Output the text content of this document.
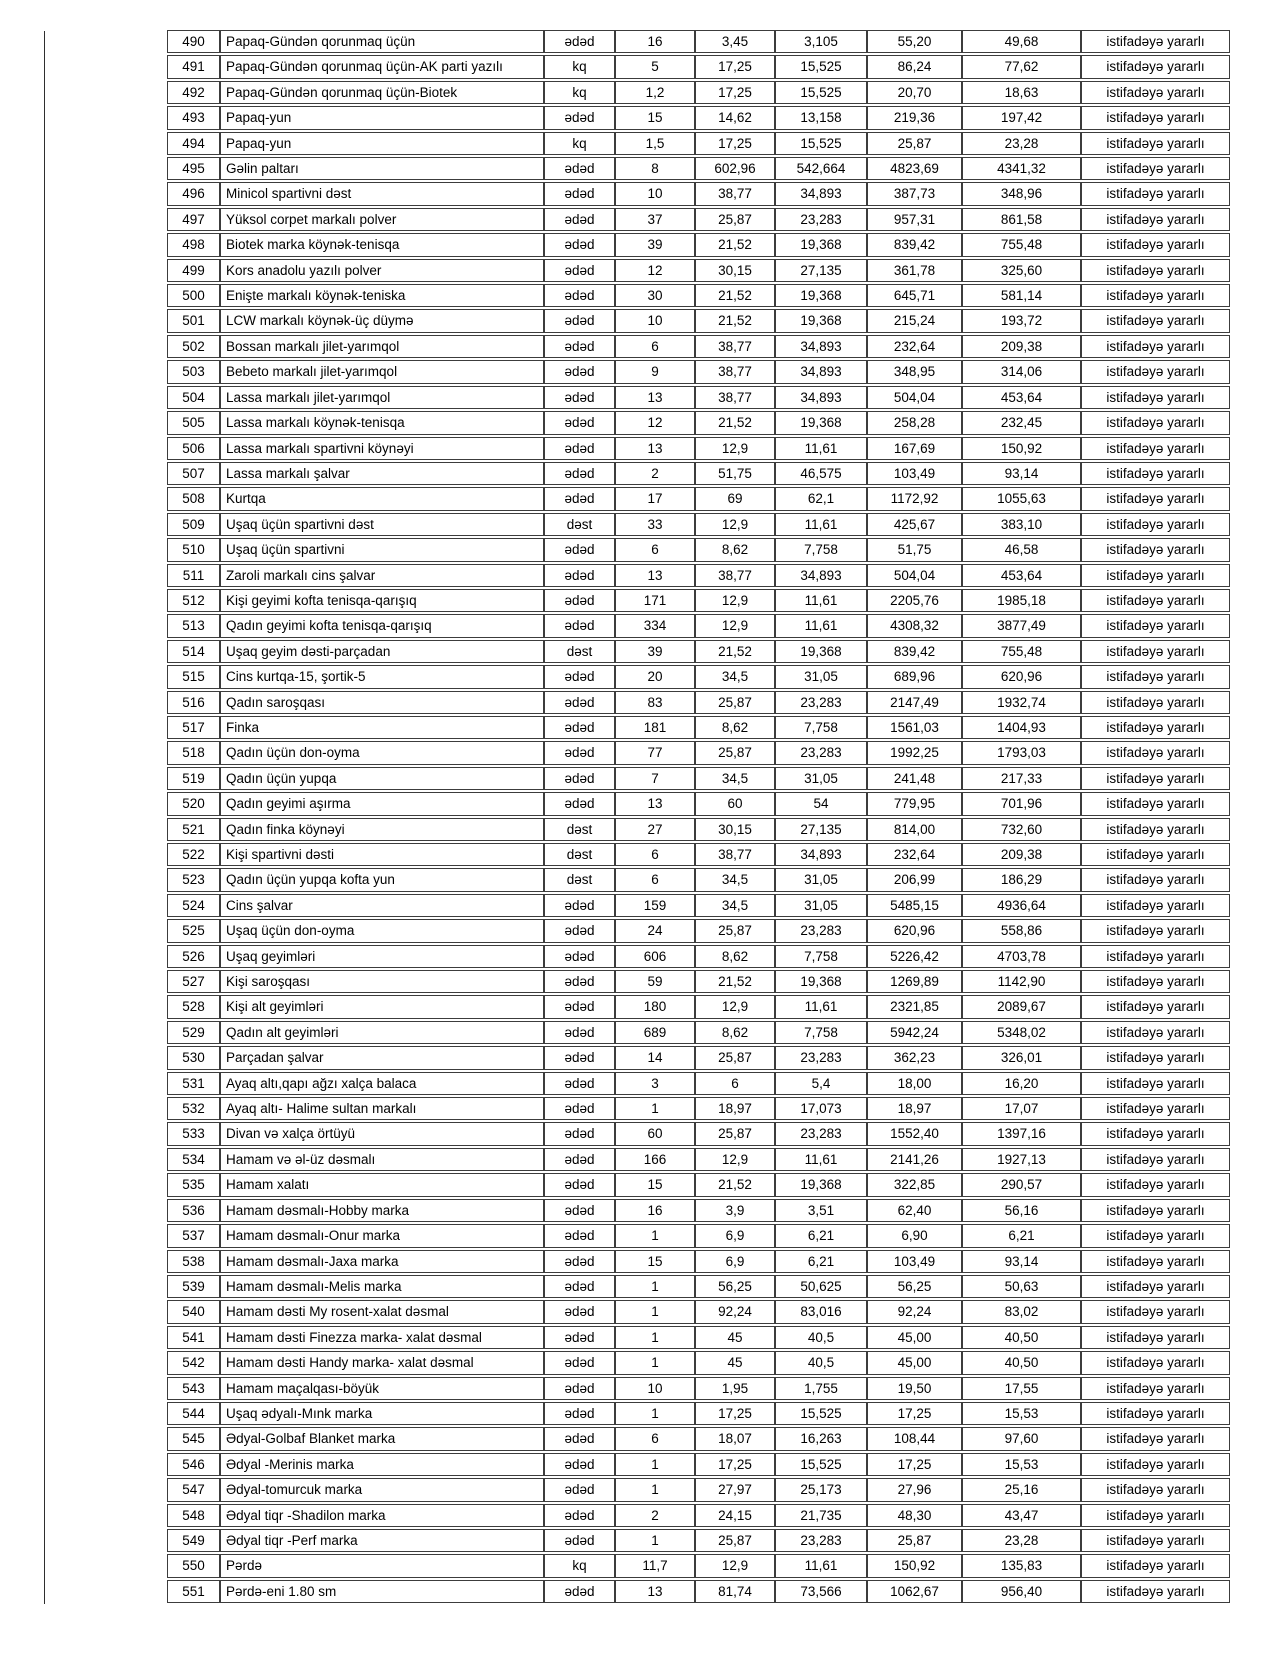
490	Papaq-Gündən qorunmaq üçün	ədəd	16	3,45	3,105	55,20	49,68	istifadəyə yararlı
491	Papaq-Gündən qorunmaq üçün-AK parti yazılı	kq	5	17,25	15,525	86,24	77,62	istifadəyə yararlı
492	Papaq-Gündən qorunmaq üçün-Biotek	kq	1,2	17,25	15,525	20,70	18,63	istifadəyə yararlı
493	Papaq-yun	ədəd	15	14,62	13,158	219,36	197,42	istifadəyə yararlı
494	Papaq-yun	kq	1,5	17,25	15,525	25,87	23,28	istifadəyə yararlı
495	Gəlin paltarı	ədəd	8	602,96	542,664	4823,69	4341,32	istifadəyə yararlı
496	Minicol spartivni dəst	ədəd	10	38,77	34,893	387,73	348,96	istifadəyə yararlı
497	Yüksol corpet markalı polver	ədəd	37	25,87	23,283	957,31	861,58	istifadəyə yararlı
498	Biotek marka köynək-tenisqa	ədəd	39	21,52	19,368	839,42	755,48	istifadəyə yararlı
499	Kors anadolu yazılı polver	ədəd	12	30,15	27,135	361,78	325,60	istifadəyə yararlı
500	Enişte markalı köynək-teniska	ədəd	30	21,52	19,368	645,71	581,14	istifadəyə yararlı
501	LCW markalı köynək-üç düymə	ədəd	10	21,52	19,368	215,24	193,72	istifadəyə yararlı
502	Bossan markalı jilet-yarımqol	ədəd	6	38,77	34,893	232,64	209,38	istifadəyə yararlı
503	Bebeto markalı jilet-yarımqol	ədəd	9	38,77	34,893	348,95	314,06	istifadəyə yararlı
504	Lassa markalı jilet-yarımqol	ədəd	13	38,77	34,893	504,04	453,64	istifadəyə yararlı
505	Lassa markalı köynək-tenisqa	ədəd	12	21,52	19,368	258,28	232,45	istifadəyə yararlı
506	Lassa markalı spartivni köynəyi	ədəd	13	12,9	11,61	167,69	150,92	istifadəyə yararlı
507	Lassa markalı şalvar	ədəd	2	51,75	46,575	103,49	93,14	istifadəyə yararlı
508	Kurtqa	ədəd	17	69	62,1	1172,92	1055,63	istifadəyə yararlı
509	Uşaq üçün spartivni dəst	dəst	33	12,9	11,61	425,67	383,10	istifadəyə yararlı
510	Uşaq üçün spartivni	ədəd	6	8,62	7,758	51,75	46,58	istifadəyə yararlı
511	Zaroli markalı cins şalvar	ədəd	13	38,77	34,893	504,04	453,64	istifadəyə yararlı
512	Kişi geyimi kofta tenisqa-qarışıq	ədəd	171	12,9	11,61	2205,76	1985,18	istifadəyə yararlı
513	Qadın geyimi kofta tenisqa-qarışıq	ədəd	334	12,9	11,61	4308,32	3877,49	istifadəyə yararlı
514	Uşaq geyim dəsti-parçadan	dəst	39	21,52	19,368	839,42	755,48	istifadəyə yararlı
515	Cins kurtqa-15, şortik-5	ədəd	20	34,5	31,05	689,96	620,96	istifadəyə yararlı
516	Qadın saroşqası	ədəd	83	25,87	23,283	2147,49	1932,74	istifadəyə yararlı
517	Finka	ədəd	181	8,62	7,758	1561,03	1404,93	istifadəyə yararlı
518	Qadın üçün don-oyma	ədəd	77	25,87	23,283	1992,25	1793,03	istifadəyə yararlı
519	Qadın üçün yupqa	ədəd	7	34,5	31,05	241,48	217,33	istifadəyə yararlı
520	Qadın geyimi aşırma	ədəd	13	60	54	779,95	701,96	istifadəyə yararlı
521	Qadın finka köynəyi	dəst	27	30,15	27,135	814,00	732,60	istifadəyə yararlı
522	Kişi spartivni dəsti	dəst	6	38,77	34,893	232,64	209,38	istifadəyə yararlı
523	Qadın üçün yupqa kofta yun	dəst	6	34,5	31,05	206,99	186,29	istifadəyə yararlı
524	Cins şalvar	ədəd	159	34,5	31,05	5485,15	4936,64	istifadəyə yararlı
525	Uşaq üçün don-oyma	ədəd	24	25,87	23,283	620,96	558,86	istifadəyə yararlı
526	Uşaq geyimləri	ədəd	606	8,62	7,758	5226,42	4703,78	istifadəyə yararlı
527	Kişi saroşqası	ədəd	59	21,52	19,368	1269,89	1142,90	istifadəyə yararlı
528	Kişi alt geyimləri	ədəd	180	12,9	11,61	2321,85	2089,67	istifadəyə yararlı
529	Qadın alt geyimləri	ədəd	689	8,62	7,758	5942,24	5348,02	istifadəyə yararlı
530	Parçadan şalvar	ədəd	14	25,87	23,283	362,23	326,01	istifadəyə yararlı
531	Ayaq altı,qapı ağzı xalça balaca	ədəd	3	6	5,4	18,00	16,20	istifadəyə yararlı
532	Ayaq altı- Halime sultan markalı	ədəd	1	18,97	17,073	18,97	17,07	istifadəyə yararlı
533	Divan və xalça örtüyü	ədəd	60	25,87	23,283	1552,40	1397,16	istifadəyə yararlı
534	Hamam və əl-üz dəsmalı	ədəd	166	12,9	11,61	2141,26	1927,13	istifadəyə yararlı
535	Hamam xalatı	ədəd	15	21,52	19,368	322,85	290,57	istifadəyə yararlı
536	Hamam dəsmalı-Hobby marka	ədəd	16	3,9	3,51	62,40	56,16	istifadəyə yararlı
537	Hamam dəsmalı-Onur marka	ədəd	1	6,9	6,21	6,90	6,21	istifadəyə yararlı
538	Hamam dəsmalı-Jaxa marka	ədəd	15	6,9	6,21	103,49	93,14	istifadəyə yararlı
539	Hamam dəsmalı-Melis marka	ədəd	1	56,25	50,625	56,25	50,63	istifadəyə yararlı
540	Hamam dəsti My rosent-xalat dəsmal	ədəd	1	92,24	83,016	92,24	83,02	istifadəyə yararlı
541	Hamam dəsti Finezza marka- xalat dəsmal	ədəd	1	45	40,5	45,00	40,50	istifadəyə yararlı
542	Hamam dəsti Handy marka- xalat dəsmal	ədəd	1	45	40,5	45,00	40,50	istifadəyə yararlı
543	Hamam maçalqası-böyük	ədəd	10	1,95	1,755	19,50	17,55	istifadəyə yararlı
544	Uşaq ədyalı-Mınk marka	ədəd	1	17,25	15,525	17,25	15,53	istifadəyə yararlı
545	Ədyal-Golbaf Blanket marka	ədəd	6	18,07	16,263	108,44	97,60	istifadəyə yararlı
546	Ədyal -Merinis marka	ədəd	1	17,25	15,525	17,25	15,53	istifadəyə yararlı
547	Ədyal-tomurcuk marka	ədəd	1	27,97	25,173	27,96	25,16	istifadəyə yararlı
548	Ədyal tiqr -Shadilon marka	ədəd	2	24,15	21,735	48,30	43,47	istifadəyə yararlı
549	Ədyal tiqr -Perf marka	ədəd	1	25,87	23,283	25,87	23,28	istifadəyə yararlı
550	Pərdə	kq	11,7	12,9	11,61	150,92	135,83	istifadəyə yararlı
551	Pərdə-eni 1.80 sm	ədəd	13	81,74	73,566	1062,67	956,40	istifadəyə yararlı
